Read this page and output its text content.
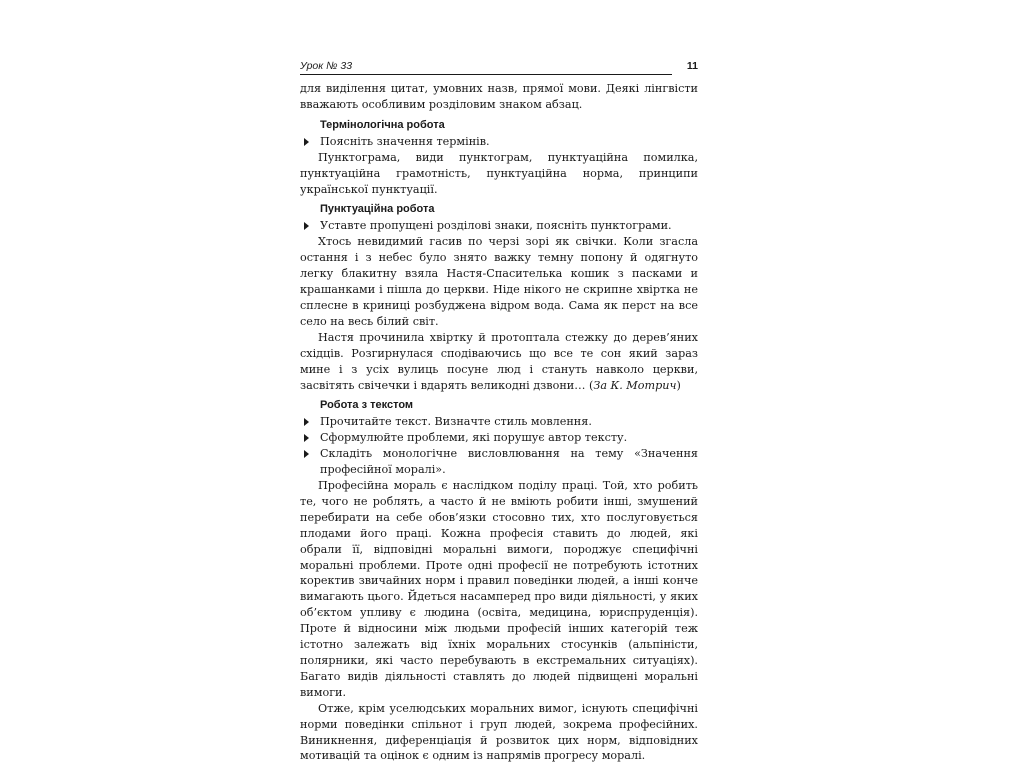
Урок № 33	11

для виділення цитат, умовних назв, прямої мови. Деякі лінгвісти вважають особливим розділовим знаком абзац.

Термінологічна робота

Поясніть значення термінів.

Пунктограма, види пунктограм, пунктуаційна помилка, пунктуаційна грамотність, пунктуаційна норма, принципи української пунктуації.

Пунктуаційна робота

Уставте пропущені розділові знаки, поясніть пунктограми.

Хтось невидимий гасив по черзі зорі як свічки. Коли згасла остання і з небес було знято важку темну попону й одягнуто легку блакитну взяла Настя-Спаситeлька кошик з пасками и крашанками і пішла до церкви. Ніде нікого не скрипне хвіртка не сплесне в криниці розбуджена відром вода. Сама як перст на все село на весь білий світ.

Настя прочинила хвіртку й протоптала стежку до дерев’яних східців. Розгирнулася сподіваючись що все те сон який зараз мине і з усіх вулиць посуне люд і стануть навколо церкви, засвітять свічечки і вдарять великодні дзвони… (За К. Мотрич)

Робота з текстом

Прочитайте текст. Визначте стиль мовлення.

Сформулюйте проблеми, які порушує автор тексту.

Складіть монологічне висловлювання на тему «Значення професійної моралі».

Професійна мораль є наслідком поділу праці. Той, хто робить те, чого не роблять, а часто й не вміють робити інші, змушений перебирати на себе обов’язки стосовно тих, хто послуговується плодами його праці. Кожна професія ставить до людей, які обрали її, відповідні моральні вимоги, породжує специфічні моральні проблеми. Проте одні професії не потребують істотних коректив звичайних норм і правил поведінки людей, а інші конче вимагають цього. Йдеться насамперед про види діяльності, у яких об’єктом упливу є людина (освіта, медицина, юриспруденція). Проте й відносини між людьми професій інших категорій теж істотно залежать від їхніх моральних стосунків (альпіністи, полярники, які часто перебувають в екстремальних ситуаціях). Багато видів діяльності ставлять до людей підвищені моральні вимоги.

Отже, крім уселюдських моральних вимог, існують специфічні норми поведінки спільнот і груп людей, зокрема професійних. Виникнення, диференціація й розвиток цих норм, відповідних мотивацій та оцінок є одним із напрямів прогресу моралі.
